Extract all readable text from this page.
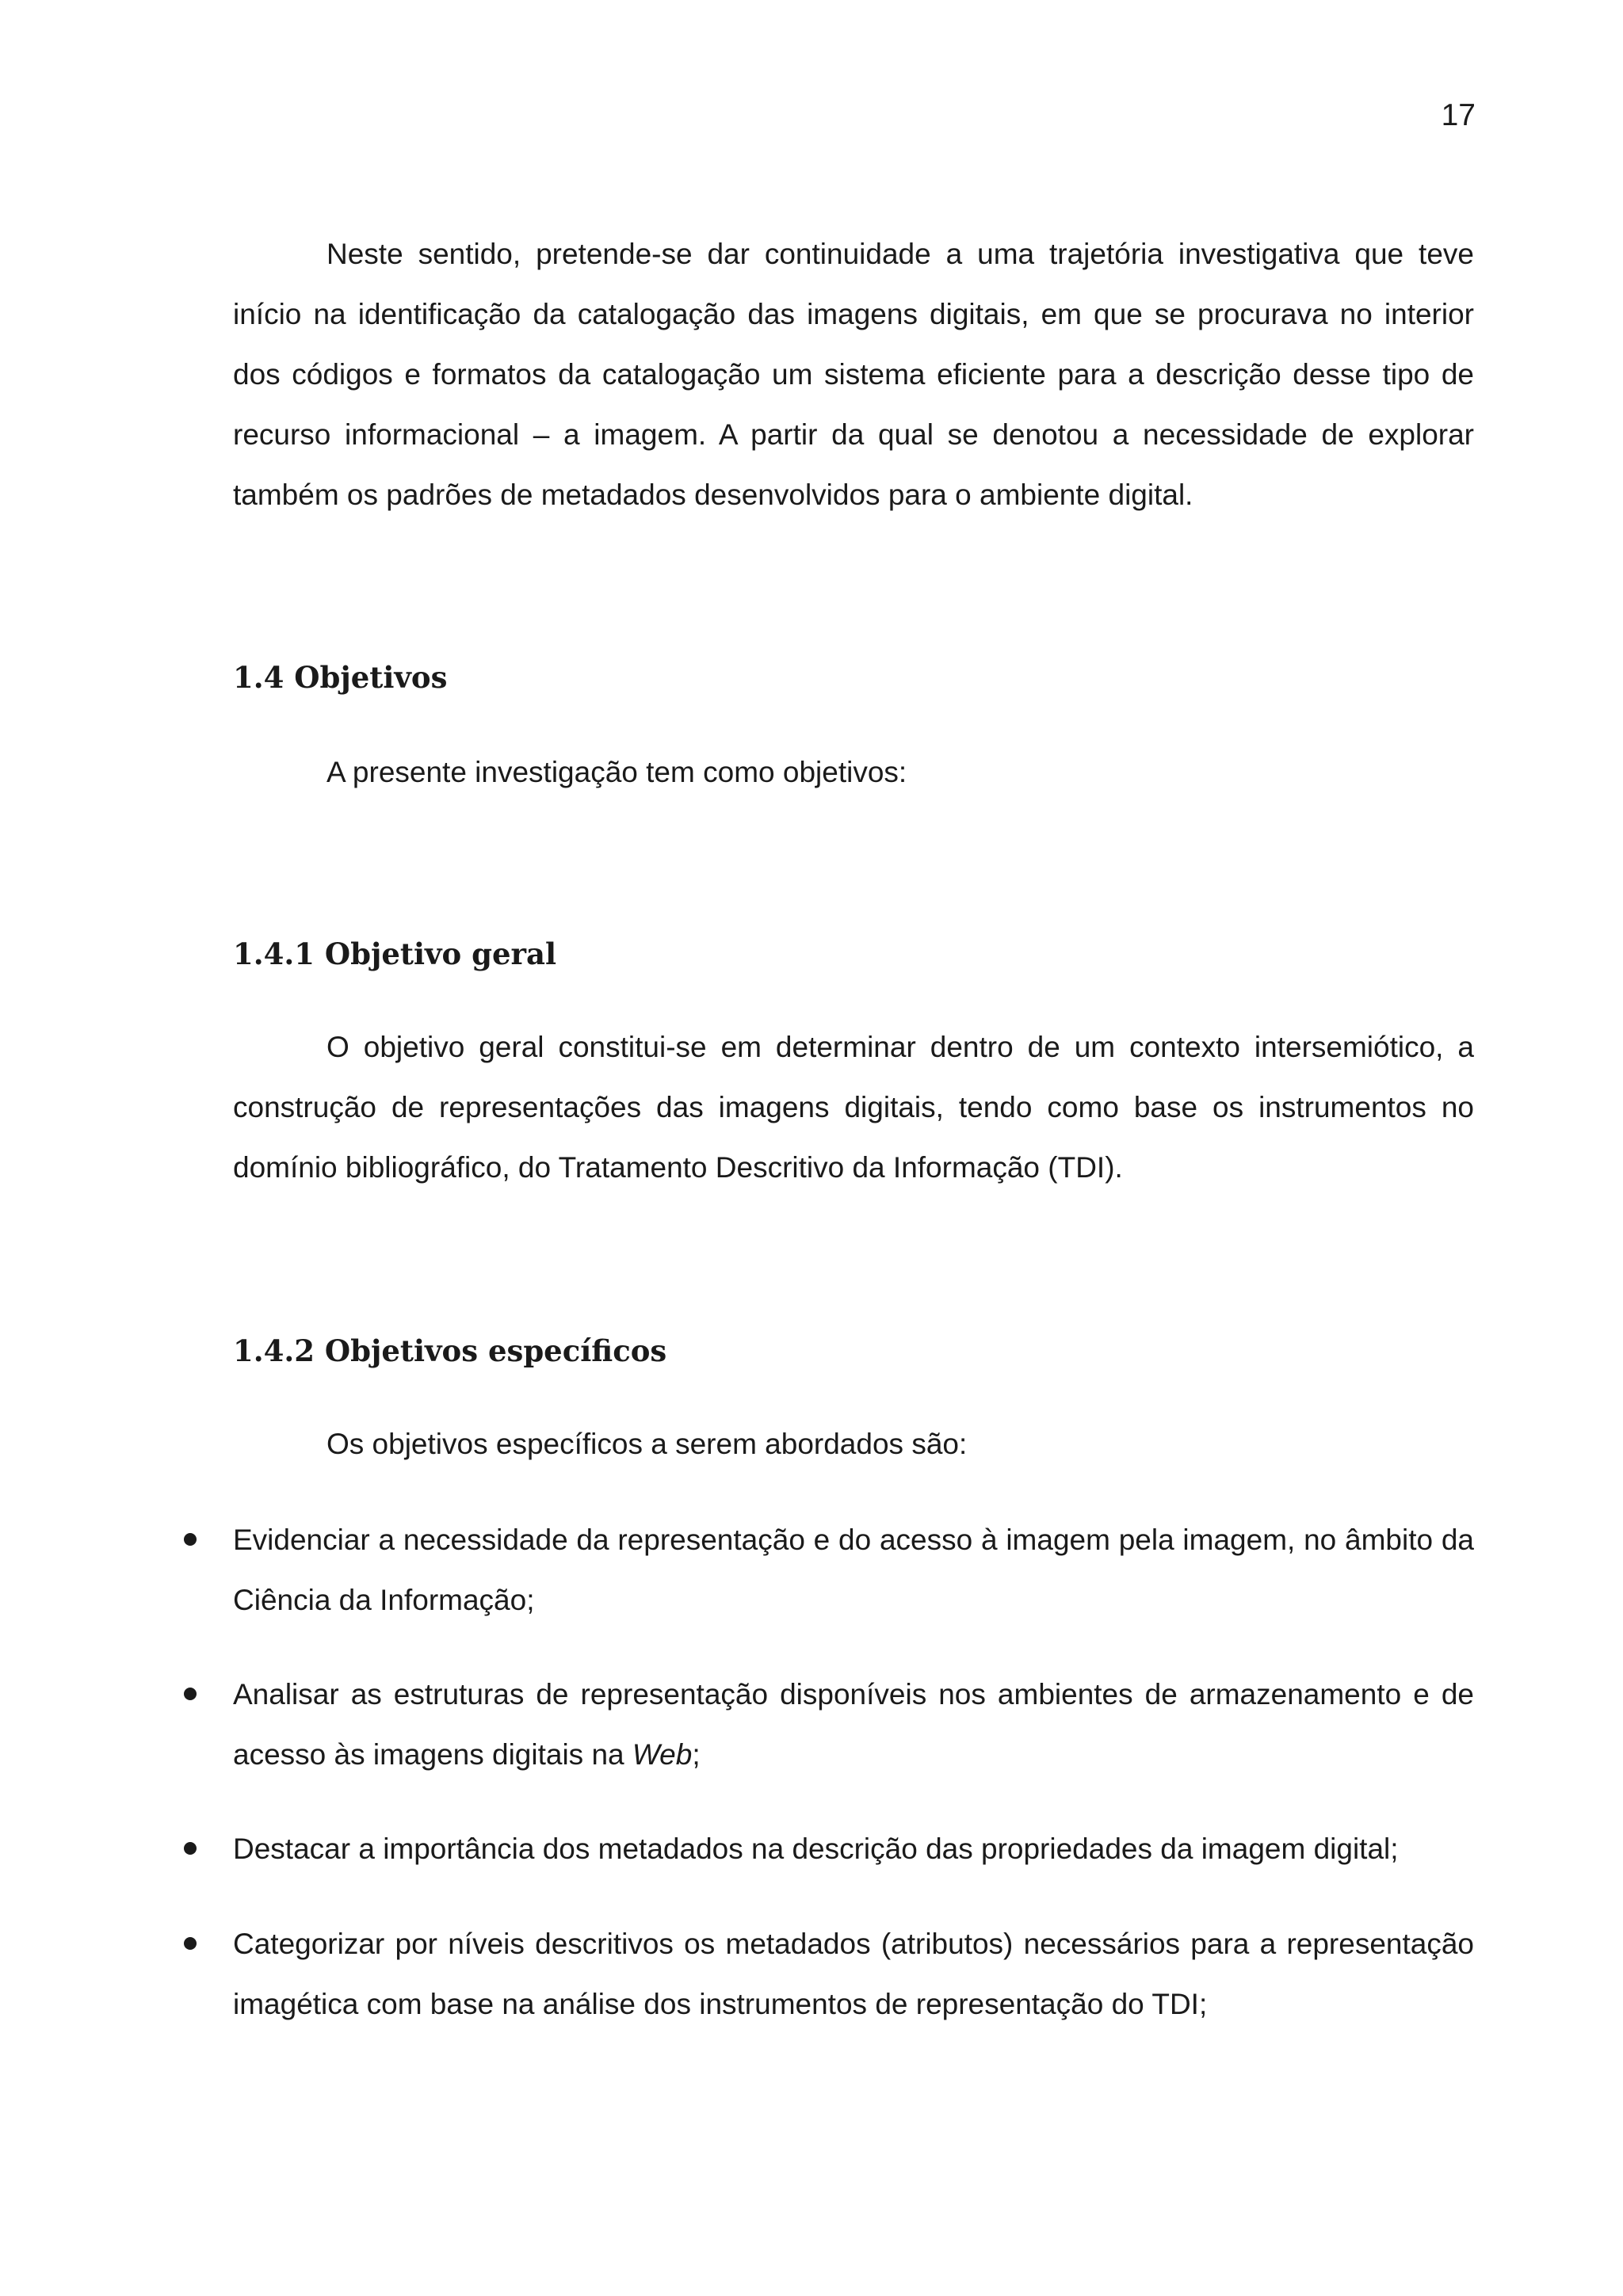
17

Neste sentido, pretende-se dar continuidade a uma trajetória investigativa que teve início na identificação da catalogação das imagens digitais, em que se procurava no interior dos códigos e formatos da catalogação um sistema eficiente para a descrição desse tipo de recurso informacional – a imagem. A partir da qual se denotou a necessidade de explorar também os padrões de metadados desenvolvidos para o ambiente digital.

1.4 Objetivos

A presente investigação tem como objetivos:

1.4.1 Objetivo geral

O objetivo geral constitui-se em determinar dentro de um contexto intersemiótico, a construção de representações das imagens digitais, tendo como base os instrumentos no domínio bibliográfico, do Tratamento Descritivo da Informação (TDI).

1.4.2 Objetivos específicos

Os objetivos específicos a serem abordados são:

Evidenciar a necessidade da representação e do acesso à imagem pela imagem, no âmbito da Ciência da Informação;
Analisar as estruturas de representação disponíveis nos ambientes de armazenamento e de acesso às imagens digitais na Web;
Destacar a importância dos metadados na descrição das propriedades da imagem digital;
Categorizar por níveis descritivos os metadados (atributos) necessários para a representação imagética com base na análise dos instrumentos de representação do TDI;
